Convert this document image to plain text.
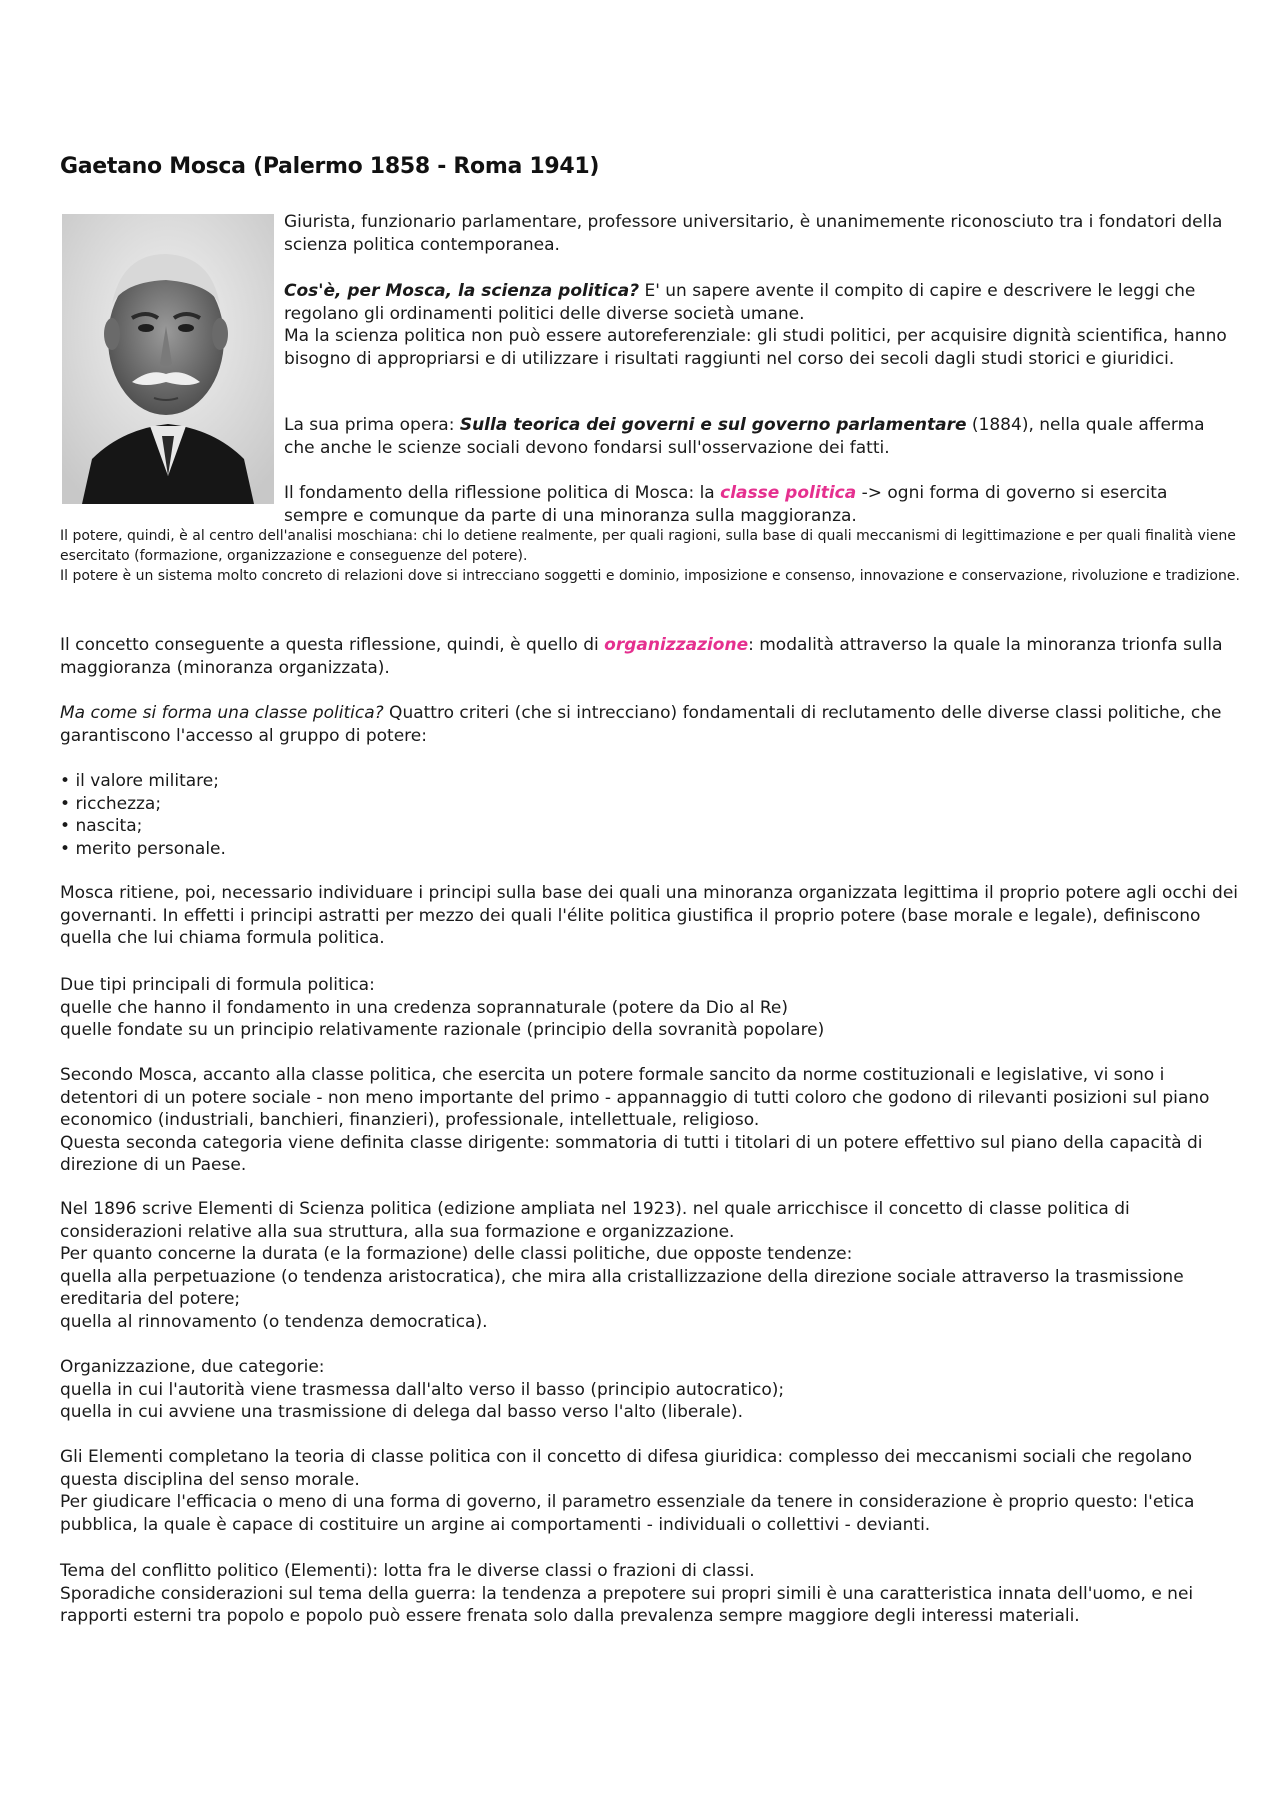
Gaetano Mosca (Palermo 1858 - Roma 1941)

Giurista, funzionario parlamentare, professore universitario, è unanimemente riconosciuto tra i fondatori della scienza politica contemporanea.

Cos'è, per Mosca, la scienza politica? E' un sapere avente il compito di capire e descrivere le leggi che regolano gli ordinamenti politici delle diverse società umane.
Ma la scienza politica non può essere autoreferenziale: gli studi politici, per acquisire dignità scientifica, hanno bisogno di appropriarsi e di utilizzare i risultati raggiunti nel corso dei secoli dagli studi storici e giuridici.

La sua prima opera: Sulla teorica dei governi e sul governo parlamentare (1884), nella quale afferma che anche le scienze sociali devono fondarsi sull'osservazione dei fatti.

Il fondamento della riflessione politica di Mosca: la classe politica -> ogni forma di governo si esercita sempre e comunque da parte di una minoranza sulla maggioranza.

Il potere, quindi, è al centro dell'analisi moschiana: chi lo detiene realmente, per quali ragioni, sulla base di quali meccanismi di legittimazione e per quali finalità viene esercitato (formazione, organizzazione e conseguenze del potere).
Il potere è un sistema molto concreto di relazioni dove si intrecciano soggetti e dominio, imposizione e consenso, innovazione e conservazione, rivoluzione e tradizione.

Il concetto conseguente a questa riflessione, quindi, è quello di organizzazione: modalità attraverso la quale la minoranza trionfa sulla maggioranza (minoranza organizzata).

Ma come si forma una classe politica? Quattro criteri (che si intrecciano) fondamentali di reclutamento delle diverse classi politiche, che garantiscono l'accesso al gruppo di potere:

• il valore militare;
• ricchezza;
• nascita;
• merito personale.

Mosca ritiene, poi, necessario individuare i principi sulla base dei quali una minoranza organizzata legittima il proprio potere agli occhi dei governanti. In effetti i principi astratti per mezzo dei quali l'élite politica giustifica il proprio potere (base morale e legale), definiscono quella che lui chiama formula politica.

Due tipi principali di formula politica:
quelle che hanno il fondamento in una credenza soprannaturale (potere da Dio al Re)
quelle fondate su un principio relativamente razionale (principio della sovranità popolare)

Secondo Mosca, accanto alla classe politica, che esercita un potere formale sancito da norme costituzionali e legislative, vi sono i detentori di un potere sociale - non meno importante del primo - appannaggio di tutti coloro che godono di rilevanti posizioni sul piano economico (industriali, banchieri, finanzieri), professionale, intellettuale, religioso.
Questa seconda categoria viene definita classe dirigente: sommatoria di tutti i titolari di un potere effettivo sul piano della capacità di direzione di un Paese.

Nel 1896 scrive Elementi di Scienza politica (edizione ampliata nel 1923). nel quale arricchisce il concetto di classe politica di considerazioni relative alla sua struttura, alla sua formazione e organizzazione.
Per quanto concerne la durata (e la formazione) delle classi politiche, due opposte tendenze:
quella alla perpetuazione (o tendenza aristocratica), che mira alla cristallizzazione della direzione sociale attraverso la trasmissione ereditaria del potere;
quella al rinnovamento (o tendenza democratica).

Organizzazione, due categorie:
quella in cui l'autorità viene trasmessa dall'alto verso il basso (principio autocratico);
quella in cui avviene una trasmissione di delega dal basso verso l'alto (liberale).

Gli Elementi completano la teoria di classe politica con il concetto di difesa giuridica: complesso dei meccanismi sociali che regolano questa disciplina del senso morale.
Per giudicare l'efficacia o meno di una forma di governo, il parametro essenziale da tenere in considerazione è proprio questo: l'etica pubblica, la quale è capace di costituire un argine ai comportamenti - individuali o collettivi - devianti.

Tema del conflitto politico (Elementi): lotta fra le diverse classi o frazioni di classi.
Sporadiche considerazioni sul tema della guerra: la tendenza a prepotere sui propri simili è una caratteristica innata dell'uomo, e nei rapporti esterni tra popolo e popolo può essere frenata solo dalla prevalenza sempre maggiore degli interessi materiali.
